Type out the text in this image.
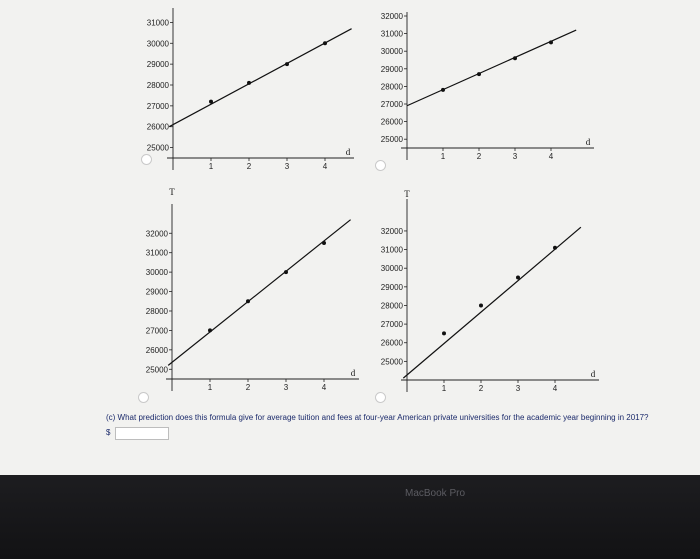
25000
26000
27000
28000
29000
30000
31000
1	2	3	4
d
25000
26000
27000
28000
29000
30000
31000
32000
1	2	3	4
d
25000
26000
27000
28000
29000
30000
31000
32000
1	2	3	4
d
T
25000
26000
27000
28000
29000
30000
31000
32000
1	2	3	4
d
T
(c) What prediction does this formula give for average tuition and fees at four-year American private universities for the academic year beginning in 2017?
$
MacBook Pro
